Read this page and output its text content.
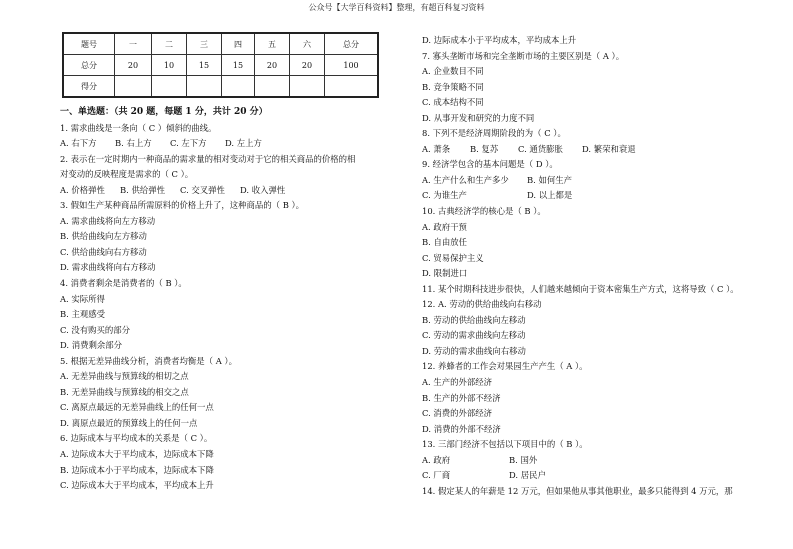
公众号【大学百科资料】整理，有超百科复习资料
题号	一	二	三	四	五	六	总分
总分	20	10	15	15	20	20	100
得分							
一、单选题：（共 20 题，每题 1 分，共计 20 分）
1. 需求曲线是一条向（ C ）倾斜的曲线。
A. 右下方 B. 右上方 C. 左下方 D. 左上方
2. 表示在一定时期内一种商品的需求量的相对变动对于它的相关商品的价格的相
对变动的反映程度是需求的（ C ）。
A. 价格弹性 B. 供给弹性 C. 交叉弹性 D. 收入弹性
3. 假如生产某种商品所需原料的价格上升了，这种商品的（ B ）。
A. 需求曲线将向左方移动
B. 供给曲线向左方移动
C. 供给曲线向右方移动
D. 需求曲线将向右方移动
4. 消费者剩余是消费者的（ B ）。
A. 实际所得
B. 主观感受
C. 没有购买的部分
D. 消费剩余部分
5. 根据无差异曲线分析，消费者均衡是（ A ）。
A. 无差异曲线与预算线的相切之点
B. 无差异曲线与预算线的相交之点
C. 离原点最远的无差异曲线上的任何一点
D. 离原点最近的预算线上的任何一点
6. 边际成本与平均成本的关系是（ C ）。
A. 边际成本大于平均成本，边际成本下降
B. 边际成本小于平均成本，边际成本下降
C. 边际成本大于平均成本，平均成本上升
D. 边际成本小于平均成本，平均成本上升
7. 寡头垄断市场和完全垄断市场的主要区别是（ A ）。
A. 企业数目不同
B. 竞争策略不同
C. 成本结构不同
D. 从事开发和研究的力度不同
8. 下列不是经济周期阶段的为（ C ）。
A. 萧条 B. 复苏 C. 通货膨胀 D. 繁荣和衰退
9. 经济学包含的基本问题是（ D ）。
A. 生产什么和生产多少 B. 如何生产
C. 为谁生产	D. 以上都是
10. 古典经济学的核心是（ B ）。
A. 政府干预
B. 自由放任
C. 贸易保护主义
D. 限制进口
11. 某个时期科技进步很快，人们越来越倾向于资本密集生产方式，这将导致（ C ）。
12. A. 劳动的供给曲线向右移动
B. 劳动的供给曲线向左移动
C. 劳动的需求曲线向左移动
D. 劳动的需求曲线向右移动
12. 养蜂者的工作会对果园生产产生（ A ）。
A. 生产的外部经济
B. 生产的外部不经济
C. 消费的外部经济
D. 消费的外部不经济
13. 三部门经济不包括以下项目中的（ B ）。
A. 政府	B. 国外
C. 厂商	D. 居民户
14. 假定某人的年薪是 12 万元，但如果他从事其他职业，最多只能得到 4 万元，那
